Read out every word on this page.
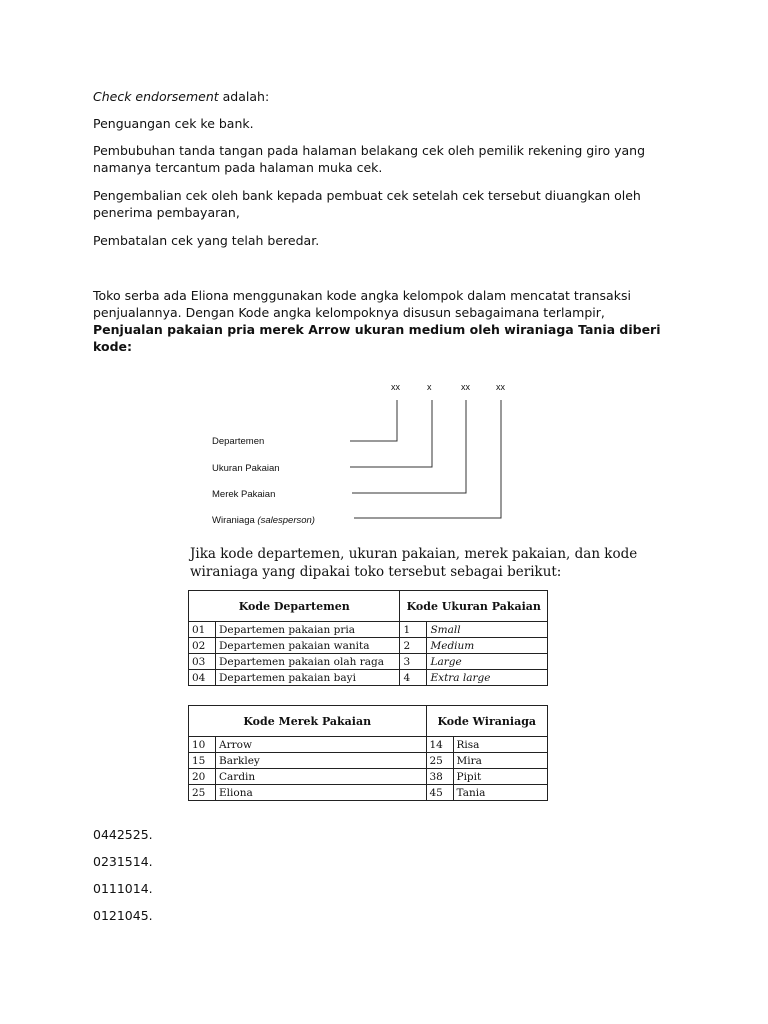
Check endorsement adalah:

Penguangan cek ke bank.

Pembubuhan tanda tangan pada halaman belakang cek oleh pemilik rekening giro yang namanya tercantum pada halaman muka cek.

Pengembalian cek oleh bank kepada pembuat cek setelah cek tersebut diuangkan oleh penerima pembayaran,

Pembatalan cek yang telah beredar.

Toko serba ada Eliona menggunakan kode angka kelompok dalam mencatat transaksi penjualannya. Dengan Kode angka kelompoknya disusun sebagaimana terlampir, Penjualan pakaian pria merek Arrow ukuran medium oleh wiraniaga Tania diberi kode:

xx	x	xx	xx
Departemen
Ukuran Pakaian
Merek Pakaian
Wiraniaga (salesperson)

Jika kode departemen, ukuran pakaian, merek pakaian, dan kode wiraniaga yang dipakai toko tersebut sebagai berikut:

Kode Departemen		Kode Ukuran Pakaian	
01	Departemen pakaian pria	1	Small
02	Departemen pakaian wanita	2	Medium
03	Departemen pakaian olah raga	3	Large
04	Departemen pakaian bayi	4	Extra large
Kode Merek Pakaian		Kode Wiraniaga	
10	Arrow	14	Risa
15	Barkley	25	Mira
20	Cardin	38	Pipit
25	Eliona	45	Tania

0442525.

0231514.

0111014.

0121045.
